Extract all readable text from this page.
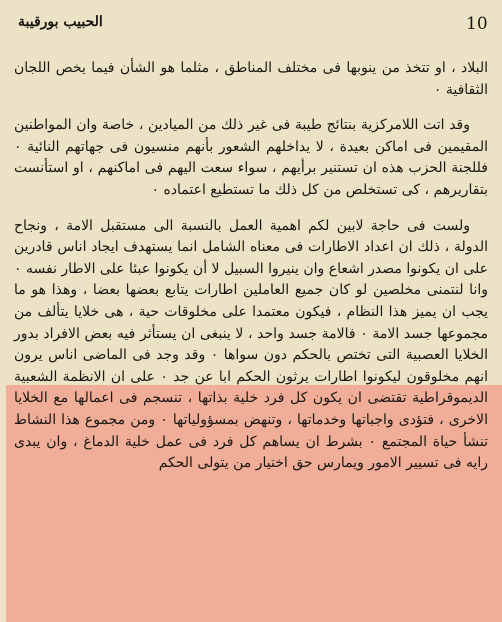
10
الحبيب بورقيبة

البلاد ، او تتخذ من ينوبها فى مختلف المناطق ، مثلما هو الشأن فيما يخص اللجان الثقافية ٠

وقد اتت اللامركزية بنتائج طيبة فى غير ذلك من الميادين ، خاصة وان المواطنين المقيمين فى اماكن بعيدة ، لا يداخلهم الشعور بأنهم منسيون فى جهاتهم النائية ٠ فللجنة الحزب هذه ان تستنير برأيهم ، سواء سعت اليهم فى اماكنهم ، او استأنست بتقاريرهم ، كى تستخلص من كل ذلك ما تستطيع اعتماده ٠

ولست فى حاجة لابين لكم اهمية العمل بالنسبة الى مستقبل الامة ، ونجاح الدولة ، ذلك ان اعداد الاطارات فى معناه الشامل انما يستهدف ايجاد اناس قادرين على ان يكونوا مصدر اشعاع وان ينيروا السبيل لا أن يكونوا عبئا على الاطار نفسه ٠ وانا لنتمنى مخلصين لو كان جميع العاملين اطارات يتابع بعضها بعضا ، وهذا هو ما يجب ان يميز هذا النظام ، فيكون معتمدا على مخلوقات حية ، هى خلايا يتألف من مجموعها جسد الامة ٠ فالامة جسد واحد ، لا ينبغى ان يستأثر فيه بعض الافراد بدور الخلايا العصبية التى تختص بالحكم دون سواها ٠ وقد وجد فى الماضى اناس يرون انهم مخلوقون ليكونوا اطارات يرثون الحكم ابا عن جد ٠ على ان الانظمة الشعبية الديموقراطية تقتضى ان يكون كل فرد خلية بذاتها ، تنسجم فى اعمالها مع الخلايا الاخرى ، فتؤدى واجباتها وخدماتها ، وتنهض بمسؤولياتها ٠ ومن مجموع هذا النشاط تنشأ حياة المجتمع ٠ بشرط ان يساهم كل فرد فى عمل خلية الدماغ ، وان يبدى رايه فى تسيير الامور ويمارس حق اختيار من يتولى الحكم
